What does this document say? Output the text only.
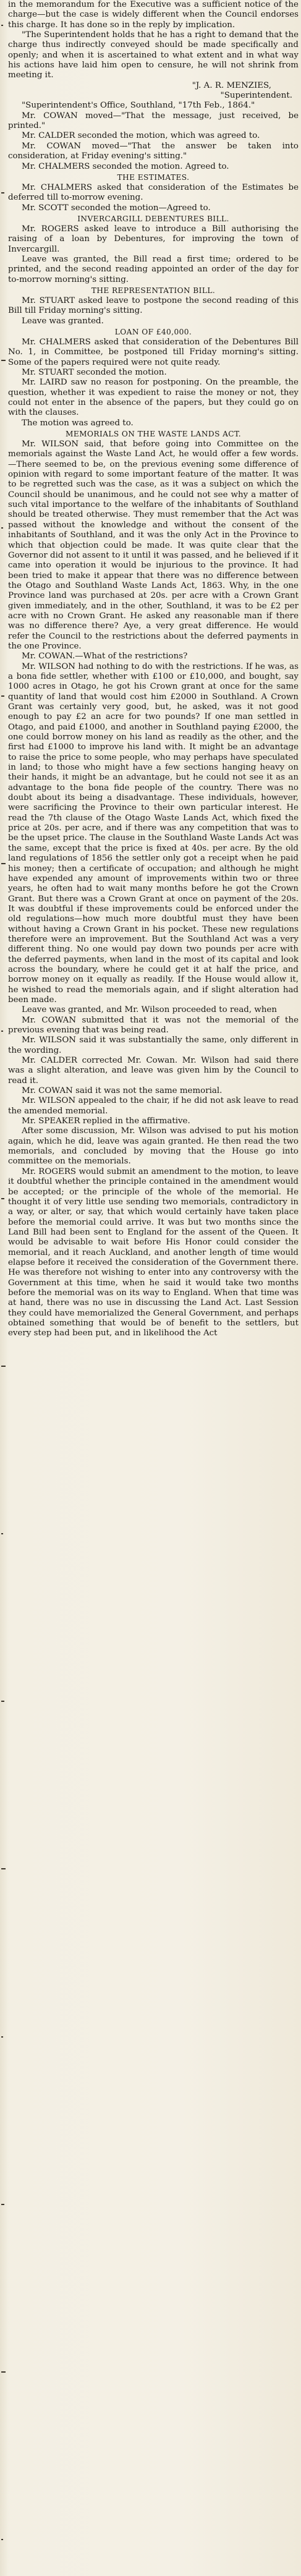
in the memorandum for the Executive was a sufficient notice of the charge—but the case is widely different when the Council endorses this charge. It has done so in the reply by implication.

"The Superintendent holds that he has a right to demand that the charge thus indirectly conveyed should be made specifically and openly; and when it is ascertained to what extent and in what way his actions have laid him open to censure, he will not shrink from meeting it.

"J. A. R. MENZIES,

"Superintendent.

"Superintendent's Office, Southland, "17th Feb., 1864."

Mr. COWAN moved—"That the message, just received, be printed."

Mr. CALDER seconded the motion, which was agreed to.

Mr. COWAN moved—"That the answer be taken into consideration, at Friday evening's sitting."

Mr. CHALMERS seconded the motion. Agreed to.

THE ESTIMATES.

Mr. CHALMERS asked that consideration of the Estimates be deferred till to-morrow evening.

Mr. SCOTT seconded the motion—Agreed to.

INVERCARGILL DEBENTURES BILL.

Mr. ROGERS asked leave to introduce a Bill authorising the raising of a loan by Debentures, for improving the town of Invercargill.

Leave was granted, the Bill read a first time; ordered to be printed, and the second reading appointed an order of the day for to-morrow morning's sitting.

THE REPRESENTATION BILL.

Mr. STUART asked leave to postpone the second reading of this Bill till Friday morning's sitting.

Leave was granted.

LOAN OF £40,000.

Mr. CHALMERS asked that consideration of the Debentures Bill No. 1, in Committee, be postponed till Friday morning's sitting. Some of the papers required were not quite ready.

Mr. STUART seconded the motion.

Mr. LAIRD saw no reason for postponing. On the preamble, the question, whether it was expedient to raise the money or not, they could not enter in the absence of the papers, but they could go on with the clauses.

The motion was agreed to.

MEMORIALS ON THE WASTE LANDS ACT.

Mr. WILSON said, that before going into Committee on the memorials against the Waste Land Act, he would offer a few words.—There seemed to be, on the previous evening some difference of opinion with regard to some important feature of the matter. It was to be regretted such was the case, as it was a subject on which the Council should be unanimous, and he could not see why a matter of such vital importance to the welfare of the inhabitants of Southland should be treated otherwise. They must remember that the Act was passed without the knowledge and without the consent of the inhabitants of Southland, and it was the only Act in the Province to which that objection could be made. It was quite clear that the Governor did not assent to it until it was passed, and he believed if it came into operation it would be injurious to the province. It had been tried to make it appear that there was no difference between the Otago and Southland Waste Lands Act, 1863. Why, in the one Province land was purchased at 20s. per acre with a Crown Grant given immediately, and in the other, Southland, it was to be £2 per acre with no Crown Grant. He asked any reasonable man if there was no difference there? Aye, a very great difference. He would refer the Council to the restrictions about the deferred payments in the one Province.

Mr. COWAN.—What of the restrictions?

Mr. WILSON had nothing to do with the restrictions. If he was, as a bona fide settler, whether with £100 or £10,000, and bought, say 1000 acres in Otago, he got his Crown grant at once for the same quantity of land that would cost him £2000 in Southland. A Crown Grant was certainly very good, but, he asked, was it not good enough to pay £2 an acre for two pounds? If one man settled in Otago, and paid £1000, and another in Southland paying £2000, the one could borrow money on his land as readily as the other, and the first had £1000 to improve his land with. It might be an advantage to raise the price to some people, who may perhaps have speculated in land; to those who might have a few sections hanging heavy on their hands, it might be an advantage, but he could not see it as an advantage to the bona fide people of the country. There was no doubt about its being a disadvantage. These individuals, however, were sacrificing the Province to their own particular interest. He read the 7th clause of the Otago Waste Lands Act, which fixed the price at 20s. per acre, and if there was any competition that was to be the upset price. The clause in the Southland Waste Lands Act was the same, except that the price is fixed at 40s. per acre. By the old land regulations of 1856 the settler only got a receipt when he paid his money; then a certificate of occupation; and although he might have expended any amount of improvements within two or three years, he often had to wait many months before he got the Crown Grant. But there was a Crown Grant at once on payment of the 20s. It was doubtful if these improvements could be enforced under the old regulations—how much more doubtful must they have been without having a Crown Grant in his pocket. These new regulations therefore were an improvement. But the Southland Act was a very different thing. No one would pay down two pounds per acre with the deferred payments, when land in the most of its capital and look across the boundary, where he could get it at half the price, and borrow money on it equally as readily. If the House would allow it, he wished to read the memorials again, and if slight alteration had been made.

Leave was granted, and Mr. Wilson proceeded to read, when

Mr. COWAN submitted that it was not the memorial of the previous evening that was being read.

Mr. WILSON said it was substantially the same, only different in the wording.

Mr. CALDER corrected Mr. Cowan. Mr. Wilson had said there was a slight alteration, and leave was given him by the Council to read it.

Mr. COWAN said it was not the same memorial.

Mr. WILSON appealed to the chair, if he did not ask leave to read the amended memorial.

Mr. SPEAKER replied in the affirmative.

After some discussion, Mr. Wilson was advised to put his motion again, which he did, leave was again granted. He then read the two memorials, and concluded by moving that the House go into committee on the memorials.

Mr. ROGERS would submit an amendment to the motion, to leave it doubtful whether the principle contained in the amendment would be accepted; or the principle of the whole of the memorial. He thought it of very little use sending two memorials, contradictory in a way, or alter, or say, that which would certainly have taken place before the memorial could arrive. It was but two months since the Land Bill had been sent to England for the assent of the Queen. It would be advisable to wait before His Honor could consider the memorial, and it reach Auckland, and another length of time would elapse before it received the consideration of the Government there. He was therefore not wishing to enter into any controversy with the Government at this time, when he said it would take two months before the memorial was on its way to England. When that time was at hand, there was no use in discussing the Land Act. Last Session they could have memorialized the General Government, and perhaps obtained something that would be of benefit to the settlers, but every step had been put, and in likelihood the Act
